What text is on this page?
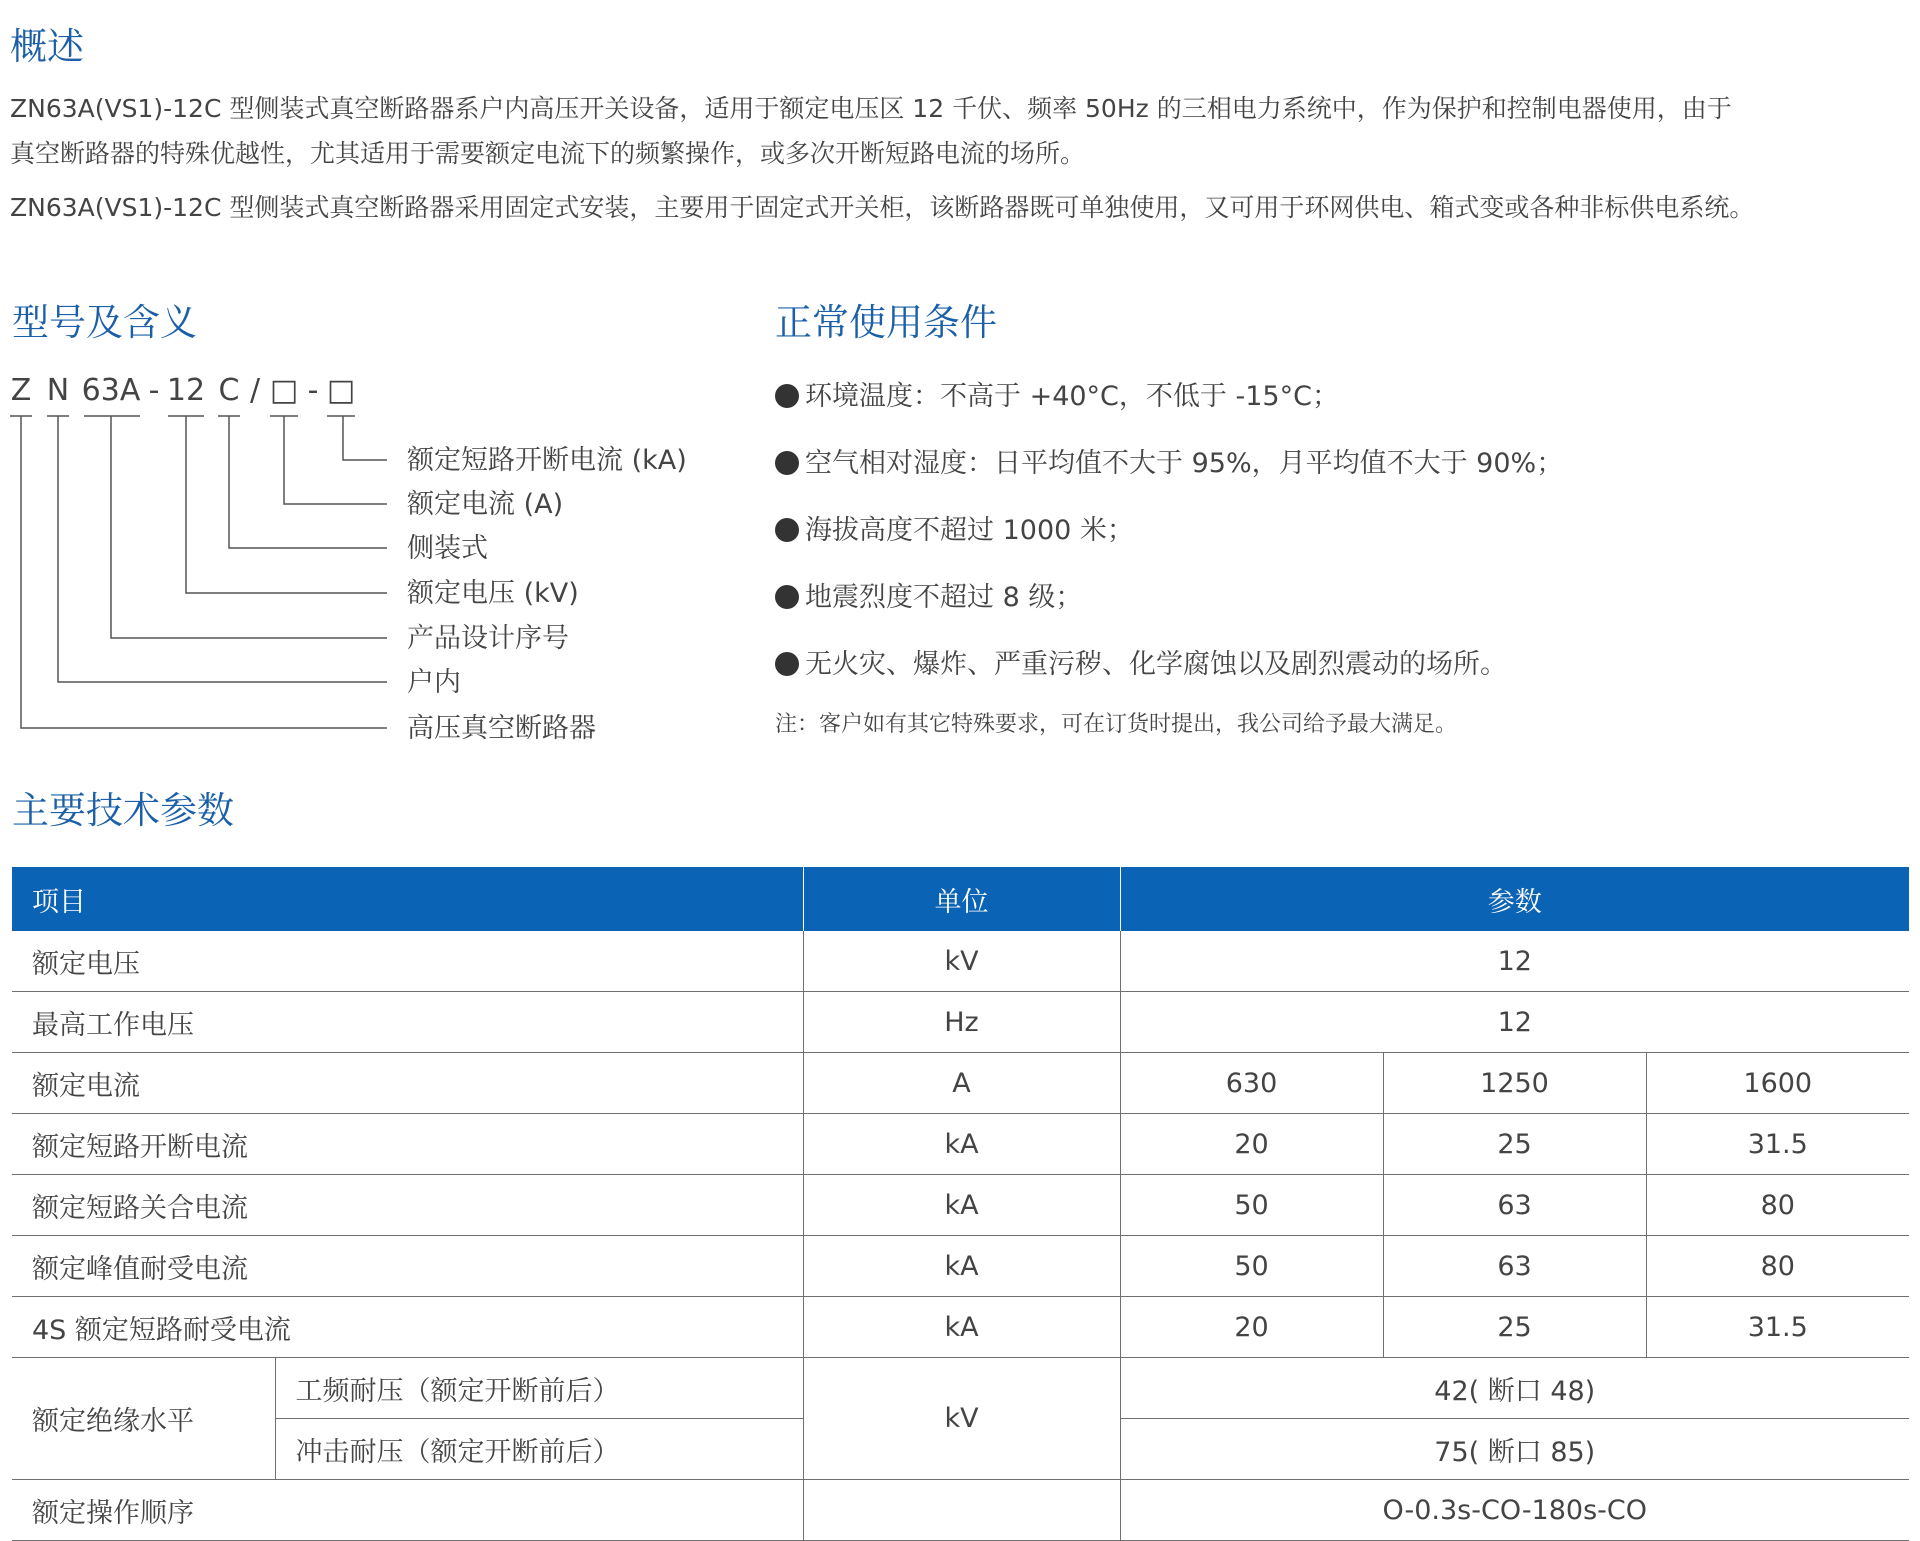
概述

ZN63A(VS1)-12C 型侧装式真空断路器系户内高压开关设备，适用于额定电压区 12 千伏、频率 50Hz 的三相电力系统中，作为保护和控制电器使用，由于

真空断路器的特殊优越性，尤其适用于需要额定电流下的频繁操作，或多次开断短路电流的场所。

ZN63A(VS1)-12C 型侧装式真空断路器采用固定式安装，主要用于固定式开关柜，该断路器既可单独使用，又可用于环网供电、箱式变或各种非标供电系统。

型号及含义
Z N 63A - 12 C / □ - □
额定短路开断电流 (kA)
额定电流 (A)
侧装式
额定电压 (kV)
产品设计序号
户内
高压真空断路器
正常使用条件
环境温度：不高于 +40°C，不低于 -15°C；
空气相对湿度：日平均值不大于 95%，月平均值不大于 90%；
海拔高度不超过 1000 米；
地震烈度不超过 8 级；
无火灾、爆炸、严重污秽、化学腐蚀以及剧烈震动的场所。
注：客户如有其它特殊要求，可在订货时提出，我公司给予最大满足。
主要技术参数
项目		单位	参数		
额定电压		kV	12		
最高工作电压		Hz	12		
额定电流		A	630	1250	1600
额定短路开断电流		kA	20	25	31.5
额定短路关合电流		kA	50	63	80
额定峰值耐受电流		kA	50	63	80
4S 额定短路耐受电流		kA	20	25	31.5
额定绝缘水平	工频耐压（额定开断前后）	kV	42( 断口 48)		
	冲击耐压（额定开断前后）		75( 断口 85)		
额定操作顺序			O-0.3s-CO-180s-CO		
